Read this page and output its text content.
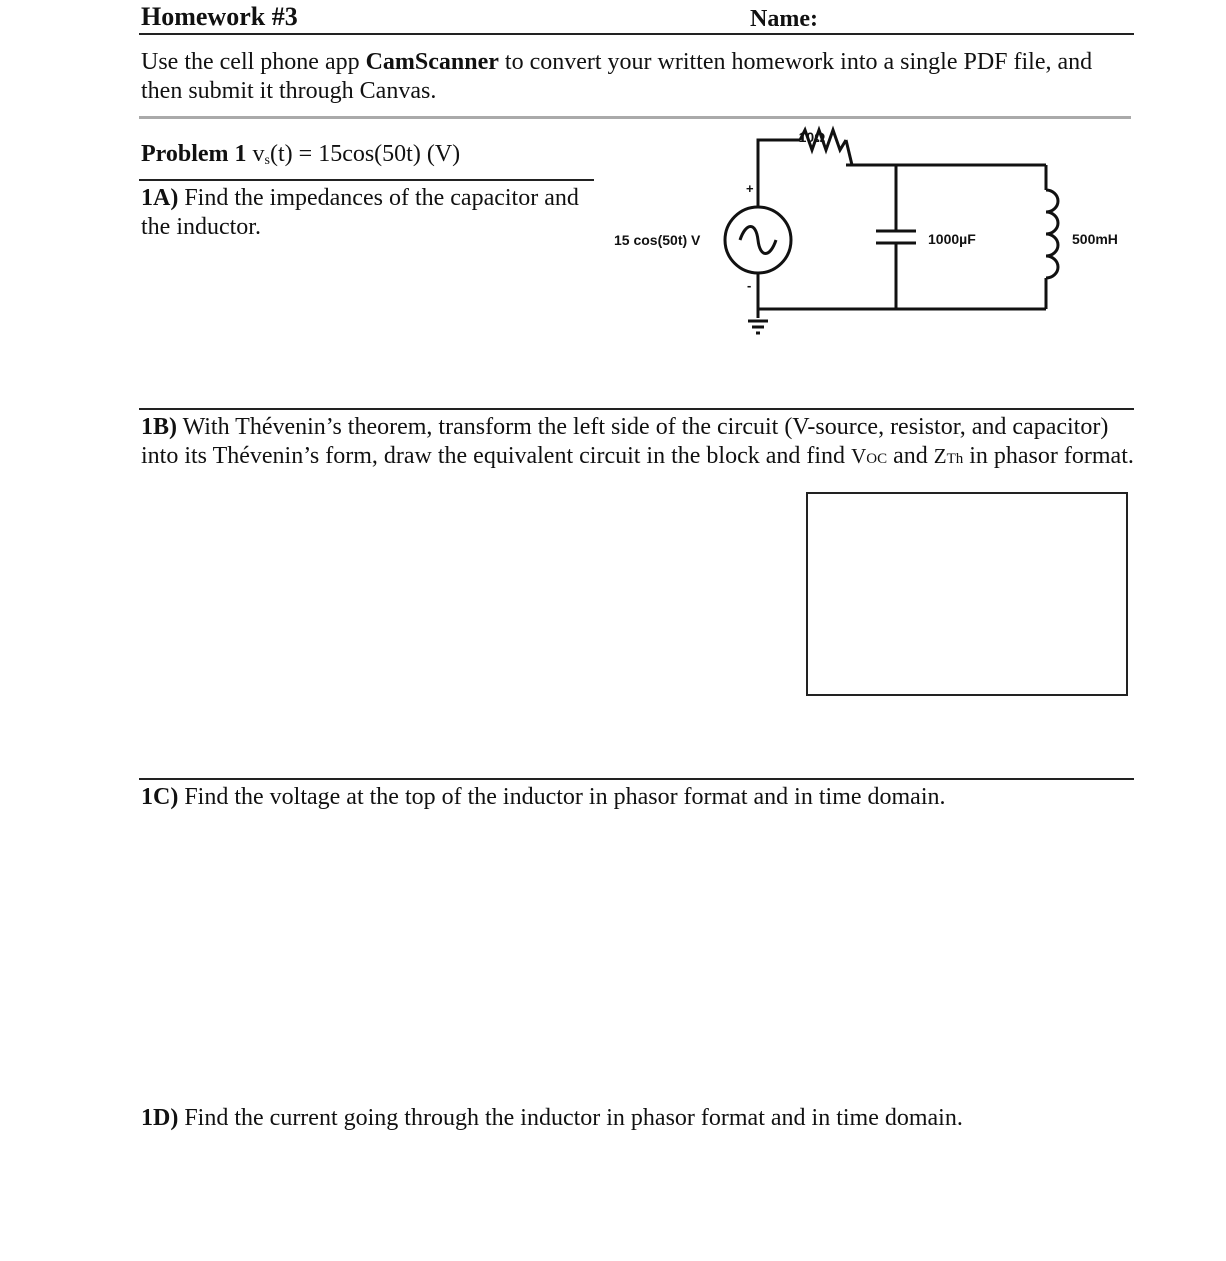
Homework #3	Name:
Use the cell phone app CamScanner to convert your written homework into a single PDF file, and then submit it through Canvas.
Problem 1 $v_s(t) = 15\cos(50t)$ (V)
1A) Find the impedances of the capacitor and the inductor.
10Ω
15 cos(50t) V	1000µF	500mH
+
-
1B) With Thévenin’s theorem, transform the left side of the circuit (V-source, resistor, and capacitor) into its Thévenin’s form, draw the equivalent circuit in the block and find VOC and ZTh in phasor format.
1C) Find the voltage at the top of the inductor in phasor format and in time domain.
1D) Find the current going through the inductor in phasor format and in time domain.
